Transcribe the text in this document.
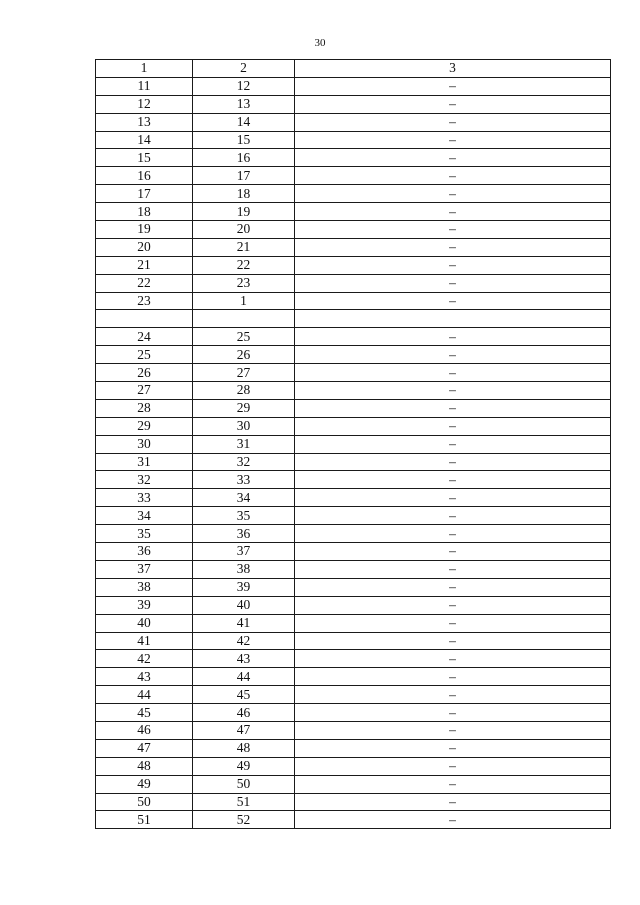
30
1	2	3
11	12	–
12	13	–
13	14	–
14	15	–
15	16	–
16	17	–
17	18	–
18	19	–
19	20	–
20	21	–
21	22	–
22	23	–
23	1	–

24	25	–
25	26	–
26	27	–
27	28	–
28	29	–
29	30	–
30	31	–
31	32	–
32	33	–
33	34	–
34	35	–
35	36	–
36	37	–
37	38	–
38	39	–
39	40	–
40	41	–
41	42	–
42	43	–
43	44	–
44	45	–
45	46	–
46	47	–
47	48	–
48	49	–
49	50	–
50	51	–
51	52	–
